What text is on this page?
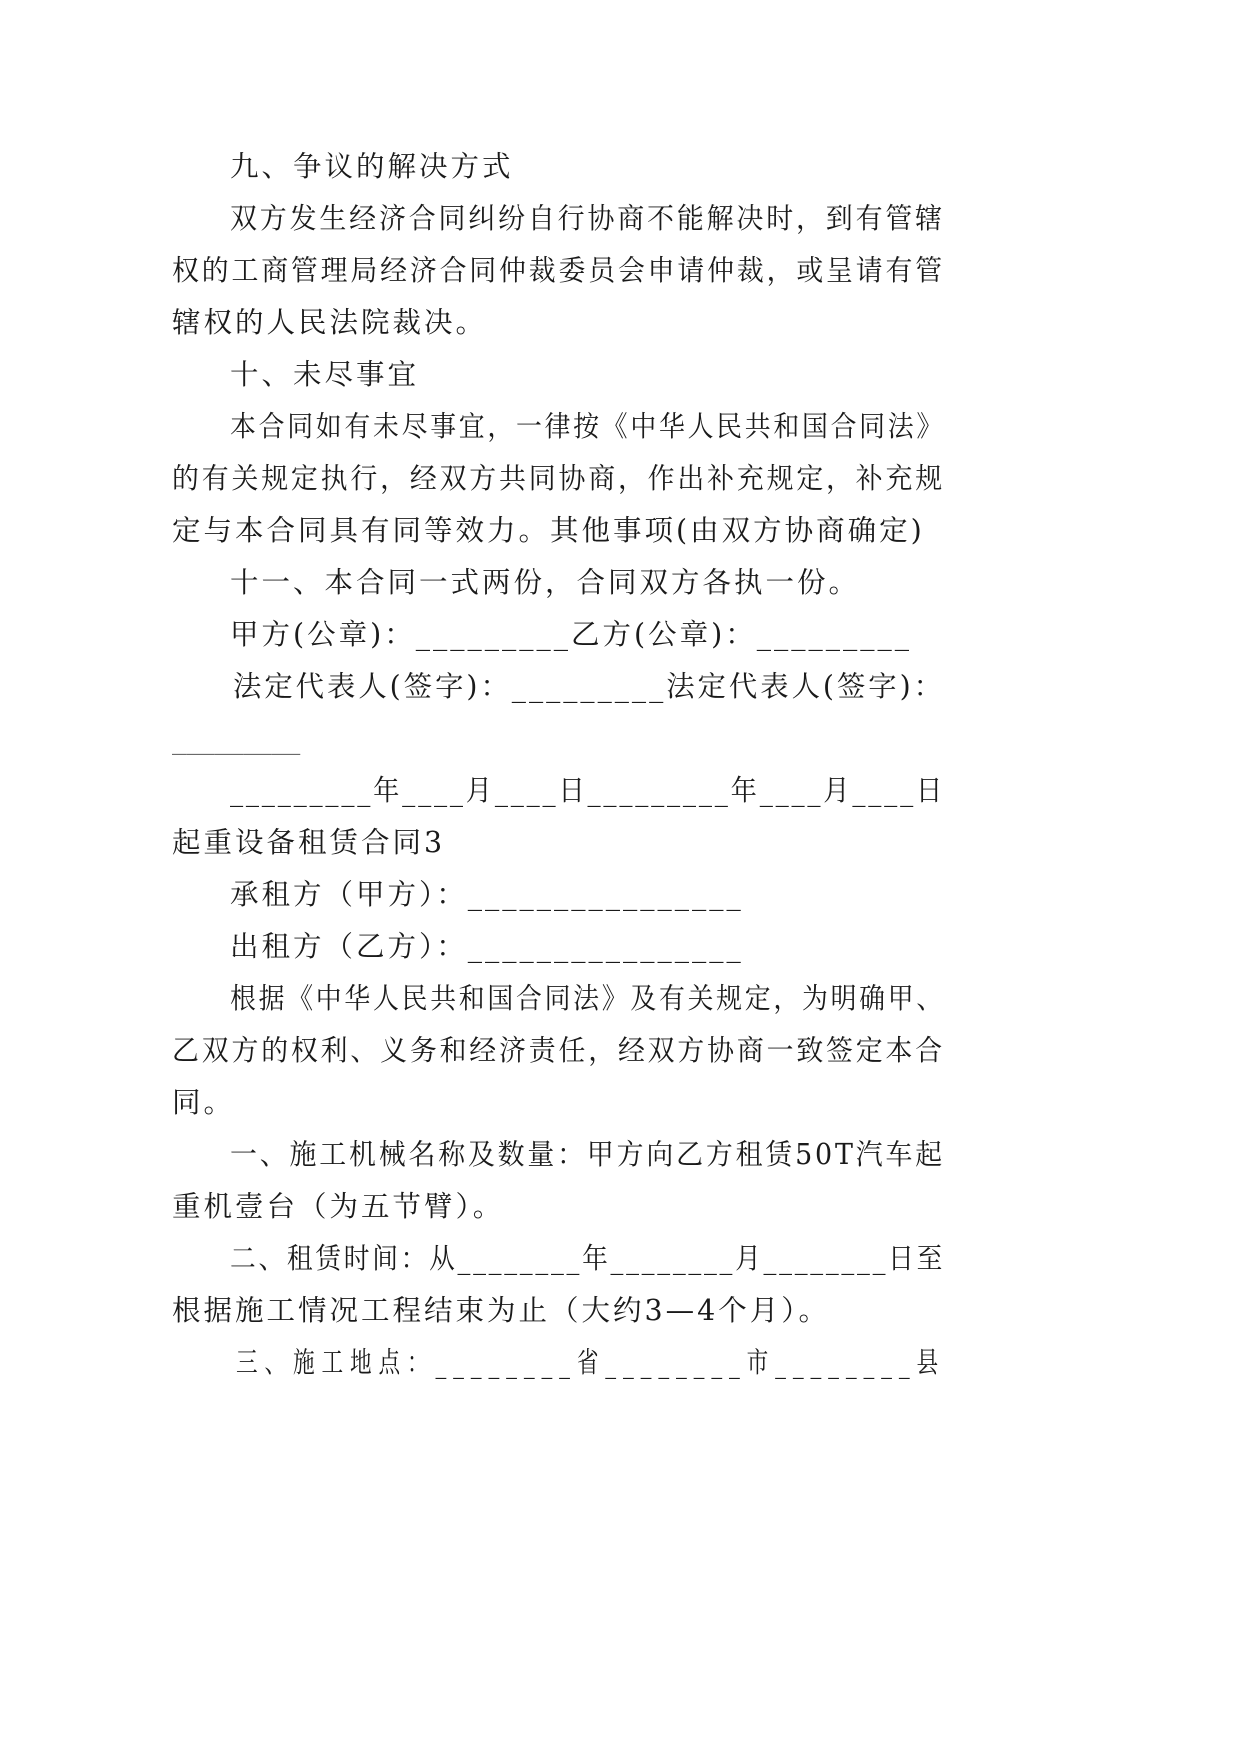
九、争议的解决方式
双方发生经济合同纠纷自行协商不能解决时，到有管辖
权的工商管理局经济合同仲裁委员会申请仲裁，或呈请有管
辖权的人民法院裁决。
十、未尽事宜
本合同如有未尽事宜，一律按《中华人民共和国合同法》
的有关规定执行，经双方共同协商，作出补充规定，补充规
定与本合同具有同等效力。其他事项(由双方协商确定)
十一、本合同一式两份，合同双方各执一份。
甲方(公章)：_________乙方(公章)：_________
法定代表人(签字)：_________法定代表人(签字)：
_________
_________年____月____日_________年____月____日
起重设备租赁合同3
承租方（甲方）：________________
出租方（乙方）：________________
根据《中华人民共和国合同法》及有关规定，为明确甲、
乙双方的权利、义务和经济责任，经双方协商一致签定本合
同。
一、施工机械名称及数量：甲方向乙方租赁50T汽车起
重机壹台（为五节臂）。
二、租赁时间：从________年________月________日至
根据施工情况工程结束为止（大约3—4个月）。
三、施工地点：________省________市________县
